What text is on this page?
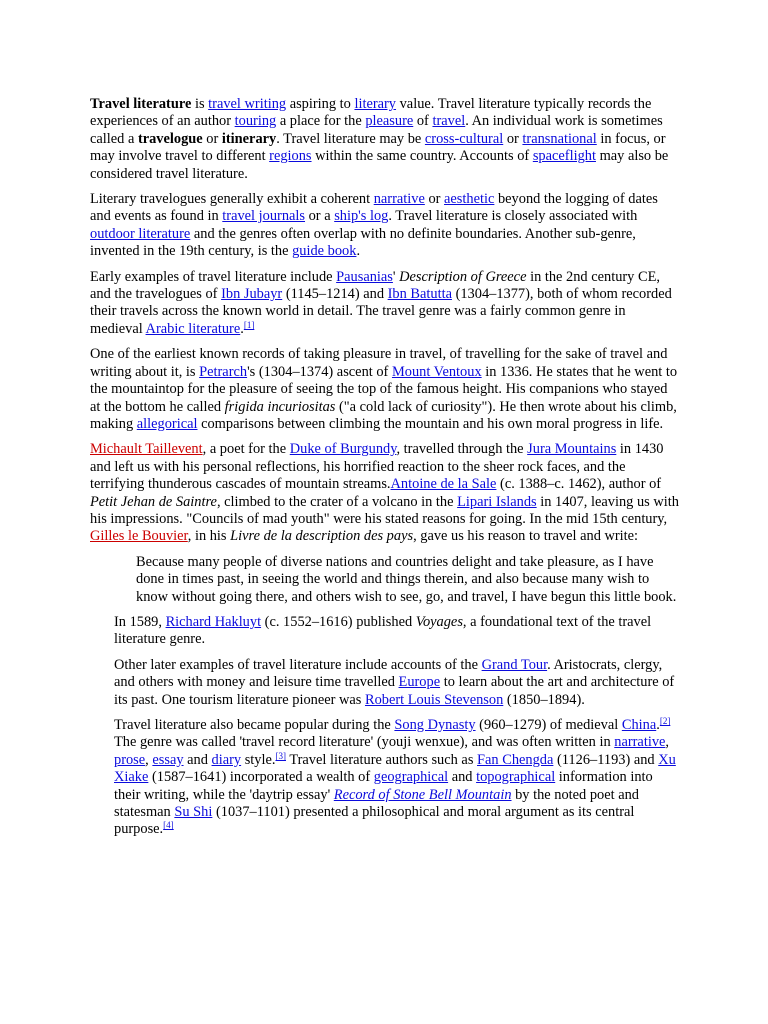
Travel literature is travel writing aspiring to literary value. Travel literature typically records the experiences of an author touring a place for the pleasure of travel. An individual work is sometimes called a travelogue or itinerary. Travel literature may be cross-cultural or transnational in focus, or may involve travel to different regions within the same country. Accounts of spaceflight may also be considered travel literature.

Literary travelogues generally exhibit a coherent narrative or aesthetic beyond the logging of dates and events as found in travel journals or a ship's log. Travel literature is closely associated with outdoor literature and the genres often overlap with no definite boundaries. Another sub-genre, invented in the 19th century, is the guide book.

Early examples of travel literature include Pausanias' Description of Greece in the 2nd century CE, and the travelogues of Ibn Jubayr (1145–1214) and Ibn Batutta (1304–1377), both of whom recorded their travels across the known world in detail. The travel genre was a fairly common genre in medieval Arabic literature.[1]

One of the earliest known records of taking pleasure in travel, of travelling for the sake of travel and writing about it, is Petrarch's (1304–1374) ascent of Mount Ventoux in 1336. He states that he went to the mountaintop for the pleasure of seeing the top of the famous height. His companions who stayed at the bottom he called frigida incuriositas ("a cold lack of curiosity"). He then wrote about his climb, making allegorical comparisons between climbing the mountain and his own moral progress in life.

Michault Taillevent, a poet for the Duke of Burgundy, travelled through the Jura Mountains in 1430 and left us with his personal reflections, his horrified reaction to the sheer rock faces, and the terrifying thunderous cascades of mountain streams.Antoine de la Sale (c. 1388–c. 1462), author of Petit Jehan de Saintre, climbed to the crater of a volcano in the Lipari Islands in 1407, leaving us with his impressions. "Councils of mad youth" were his stated reasons for going. In the mid 15th century, Gilles le Bouvier, in his Livre de la description des pays, gave us his reason to travel and write:

Because many people of diverse nations and countries delight and take pleasure, as I have done in times past, in seeing the world and things therein, and also because many wish to know without going there, and others wish to see, go, and travel, I have begun this little book.

In 1589, Richard Hakluyt (c. 1552–1616) published Voyages, a foundational text of the travel literature genre.

Other later examples of travel literature include accounts of the Grand Tour. Aristocrats, clergy, and others with money and leisure time travelled Europe to learn about the art and architecture of its past. One tourism literature pioneer was Robert Louis Stevenson (1850–1894).

Travel literature also became popular during the Song Dynasty (960–1279) of medieval China.[2] The genre was called 'travel record literature' (youji wenxue), and was often written in narrative, prose, essay and diary style.[3] Travel literature authors such as Fan Chengda (1126–1193) and Xu Xiake (1587–1641) incorporated a wealth of geographical and topographical information into their writing, while the 'daytrip essay' Record of Stone Bell Mountain by the noted poet and statesman Su Shi (1037–1101) presented a philosophical and moral argument as its central purpose.[4]
